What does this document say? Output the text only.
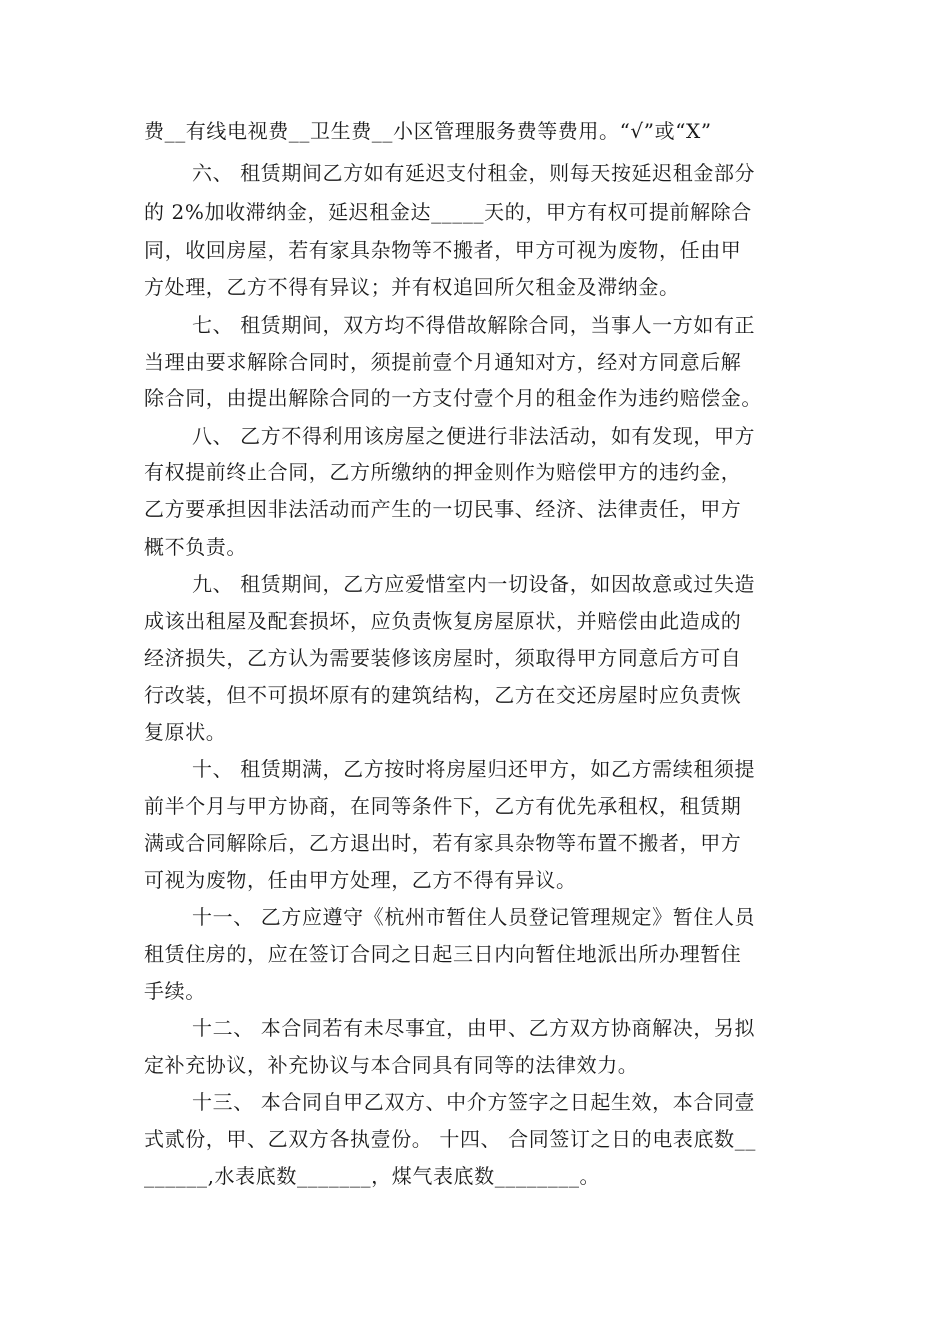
费__有线电视费__卫生费__小区管理服务费等费用。“√”或“X”
六、 租赁期间乙方如有延迟支付租金，则每天按延迟租金部分
的 2%加收滞纳金，延迟租金达_____天的，甲方有权可提前解除合
同，收回房屋，若有家具杂物等不搬者，甲方可视为废物，任由甲
方处理，乙方不得有异议；并有权追回所欠租金及滞纳金。
七、 租赁期间，双方均不得借故解除合同，当事人一方如有正
当理由要求解除合同时，须提前壹个月通知对方，经对方同意后解
除合同，由提出解除合同的一方支付壹个月的租金作为违约赔偿金。
八、 乙方不得利用该房屋之便进行非法活动，如有发现，甲方
有权提前终止合同，乙方所缴纳的押金则作为赔偿甲方的违约金，
乙方要承担因非法活动而产生的一切民事、经济、法律责任，甲方
概不负责。
九、 租赁期间，乙方应爱惜室内一切设备，如因故意或过失造
成该出租屋及配套损坏，应负责恢复房屋原状，并赔偿由此造成的
经济损失，乙方认为需要装修该房屋时，须取得甲方同意后方可自
行改装，但不可损坏原有的建筑结构，乙方在交还房屋时应负责恢
复原状。
十、 租赁期满，乙方按时将房屋归还甲方，如乙方需续租须提
前半个月与甲方协商，在同等条件下，乙方有优先承租权，租赁期
满或合同解除后，乙方退出时，若有家具杂物等布置不搬者，甲方
可视为废物，任由甲方处理，乙方不得有异议。
十一、 乙方应遵守《杭州市暂住人员登记管理规定》暂住人员
租赁住房的，应在签订合同之日起三日内向暂住地派出所办理暂住
手续。
十二、 本合同若有未尽事宜，由甲、乙方双方协商解决，另拟
定补充协议，补充协议与本合同具有同等的法律效力。
十三、 本合同自甲乙双方、中介方签字之日起生效，本合同壹
式贰份，甲、乙双方各执壹份。 十四、 合同签订之日的电表底数__
______,水表底数_______，煤气表底数________。
